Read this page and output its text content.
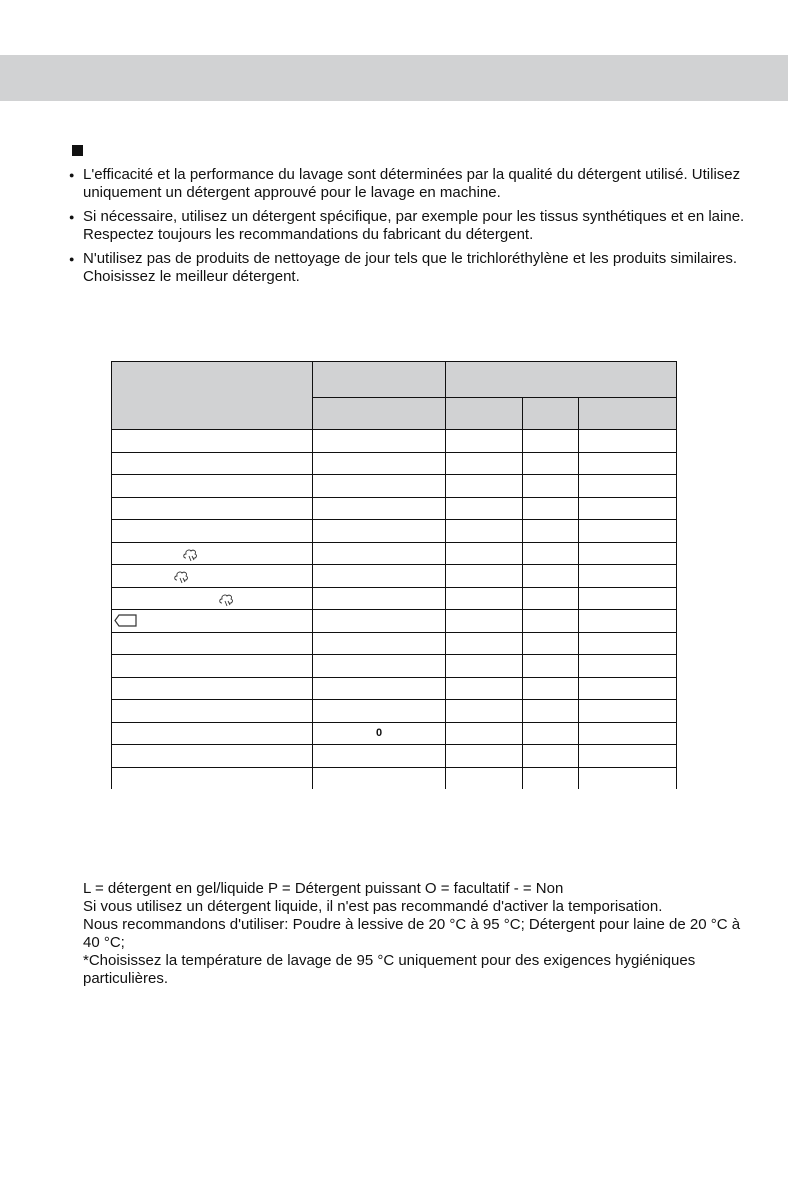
● L'efficacité et la performance du lavage sont déterminées par la qualité du détergent utilisé. Utilisez uniquement un détergent approuvé pour le lavage en machine.
● Si nécessaire, utilisez un détergent spécifique, par exemple pour les tissus synthétiques et en laine. Respectez toujours les recommandations du fabricant du détergent.
● N'utilisez pas de produits de nettoyage de jour tels que le trichloréthylène et les produits similaires. Choisissez le meilleur détergent.

	0			

L = détergent en gel/liquide P = Détergent puissant O = facultatif - = Non
Si vous utilisez un détergent liquide, il n'est pas recommandé d'activer la temporisation.
Nous recommandons d'utiliser: Poudre à lessive de 20 °C à 95 °C; Détergent pour laine de 20 °C à 40 °C;
*Choisissez la température de lavage de 95 °C uniquement pour des exigences hygiéniques particulières.
